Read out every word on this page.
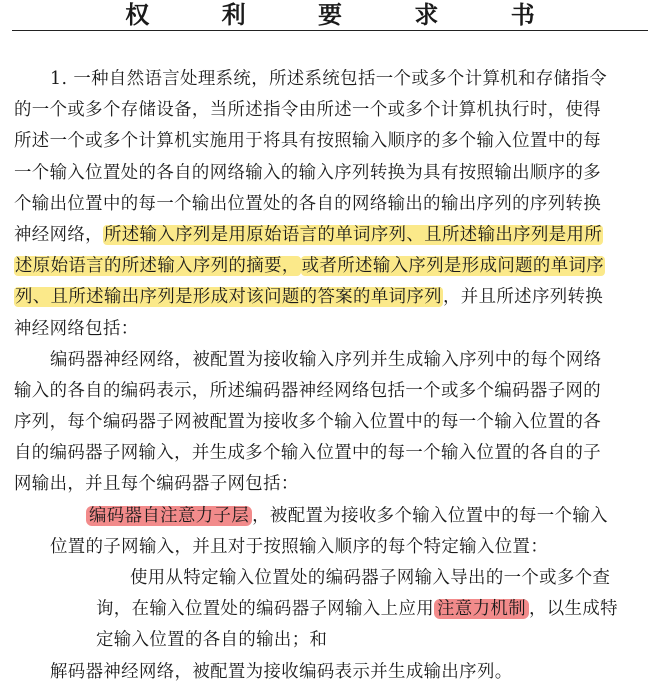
权 利 要 求 书
1. 一种自然语言处理系统，所述系统包括一个或多个计算机和存储指令
的一个或多个存储设备，当所述指令由所述一个或多个计算机执行时，使得
所述一个或多个计算机实施用于将具有按照输入顺序的多个输入位置中的每
一个输入位置处的各自的网络输入的输入序列转换为具有按照输出顺序的多
个输出位置中的每一个输出位置处的各自的网络输出的输出序列的序列转换
神经网络，所述输入序列是用原始语言的单词序列、且所述输出序列是用所
述原始语言的所述输入序列的摘要， 或者所述输入序列是形成问题的单词序
列、且所述输出序列是形成对该问题的答案的单词序列，并且所述序列转换
神经网络包括：
编码器神经网络，被配置为接收输入序列并生成输入序列中的每个网络
输入的各自的编码表示，所述编码器神经网络包括一个或多个编码器子网的
序列，每个编码器子网被配置为接收多个输入位置中的每一个输入位置的各
自的编码器子网输入，并生成多个输入位置中的每一个输入位置的各自的子
网输出，并且每个编码器子网包括：
编码器自注意力子层 ，被配置为接收多个输入位置中的每一个输入
位置的子网输入，并且对于按照输入顺序的每个特定输入位置：
使用从特定输入位置处的编码器子网输入导出的一个或多个查
询，在输入位置处的编码器子网输入上应用 注意力机制 ，以生成特
定输入位置的各自的输出；和
解码器神经网络，被配置为接收编码表示并生成输出序列。
